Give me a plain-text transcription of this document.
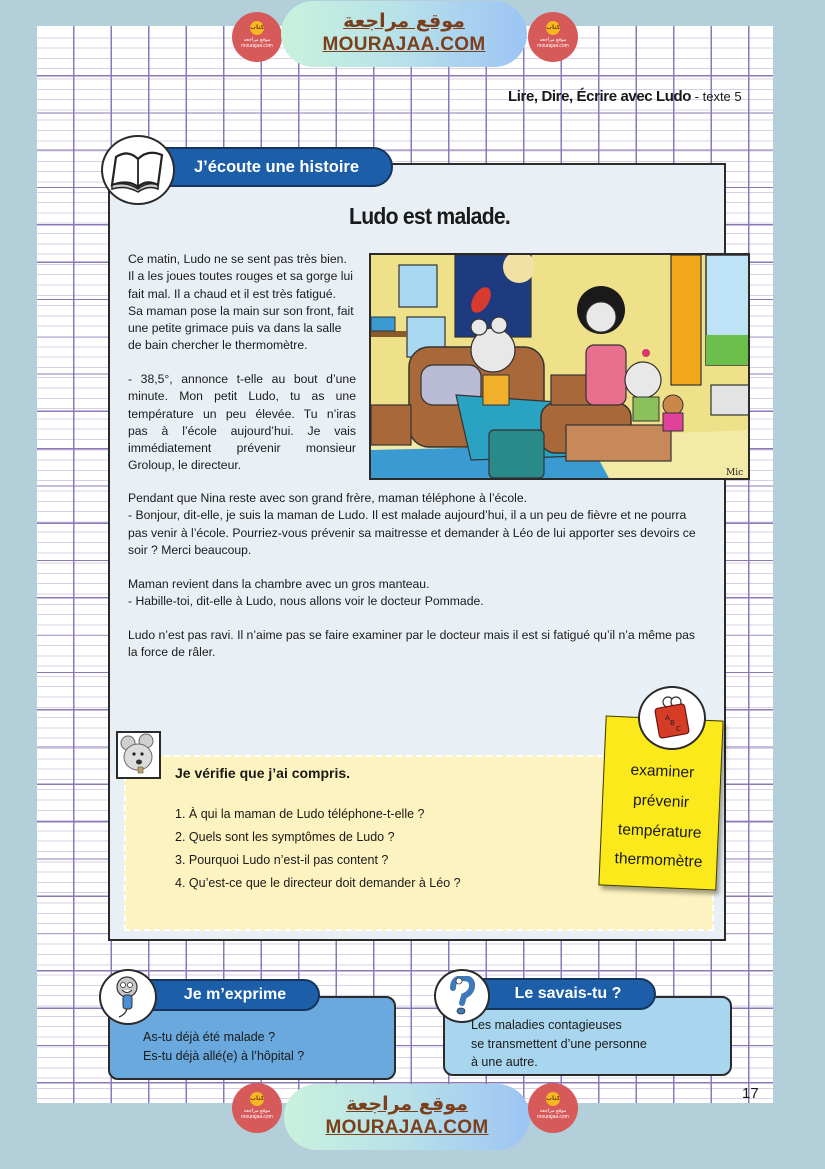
كتاب
موقع مراجعة
mourajaa.com
موقع مراجعة
MOURAJAA.COM
كتاب
موقع مراجعة
mourajaa.com
Lire, Dire, Écrire avec Ludo - texte 5
J’écoute une histoire
Ludo est malade.
Ce matin, Ludo ne se sent pas très bien.
Il a les joues toutes rouges et sa gorge lui
fait mal. Il a chaud et il est très fatigué.
Sa maman pose la main sur son front, fait
une petite grimace puis va dans la salle
de bain chercher le thermomètre.
- 38,5°, annonce t-elle au bout d’une
minute. Mon petit Ludo, tu as une
température un peu élevée. Tu n’iras
pas à l’école aujourd’hui. Je vais
immédiatement prévenir monsieur
Groloup, le directeur.
Mic
Pendant que Nina reste avec son grand frère, maman téléphone à l’école.
- Bonjour, dit-elle, je suis la maman de Ludo. Il est malade aujourd’hui, il a un peu de fièvre et ne pourra
pas venir à l’école. Pourriez-vous prévenir sa maitresse et demander à Léo de lui apporter ses devoirs ce
soir ? Merci beaucoup.
Maman revient dans la chambre avec un gros manteau.
- Habille-toi, dit-elle à Ludo, nous allons voir le docteur Pommade.
Ludo n’est pas ravi. Il n’aime pas se faire examiner par le docteur mais il est si fatigué qu’il n’a même pas
la force de râler.
Je vérifie que j’ai compris.
1. À qui la maman de Ludo téléphone-t-elle ?
2. Quels sont les symptômes de Ludo ?
3. Pourquoi Ludo n’est-il pas content ?
4. Qu’est-ce que le directeur doit demander à Léo ?
examiner
prévenir
température
thermomètre
A
B
C
Je m’exprime
As-tu déjà été malade ?
Es-tu déjà allé(e) à l’hôpital ?
Le savais-tu ?
Les maladies contagieuses
se transmettent d’une personne
à une autre.
17
كتاب
موقع مراجعة
mourajaa.com
موقع مراجعة
MOURAJAA.COM
كتاب
موقع مراجعة
mourajaa.com
